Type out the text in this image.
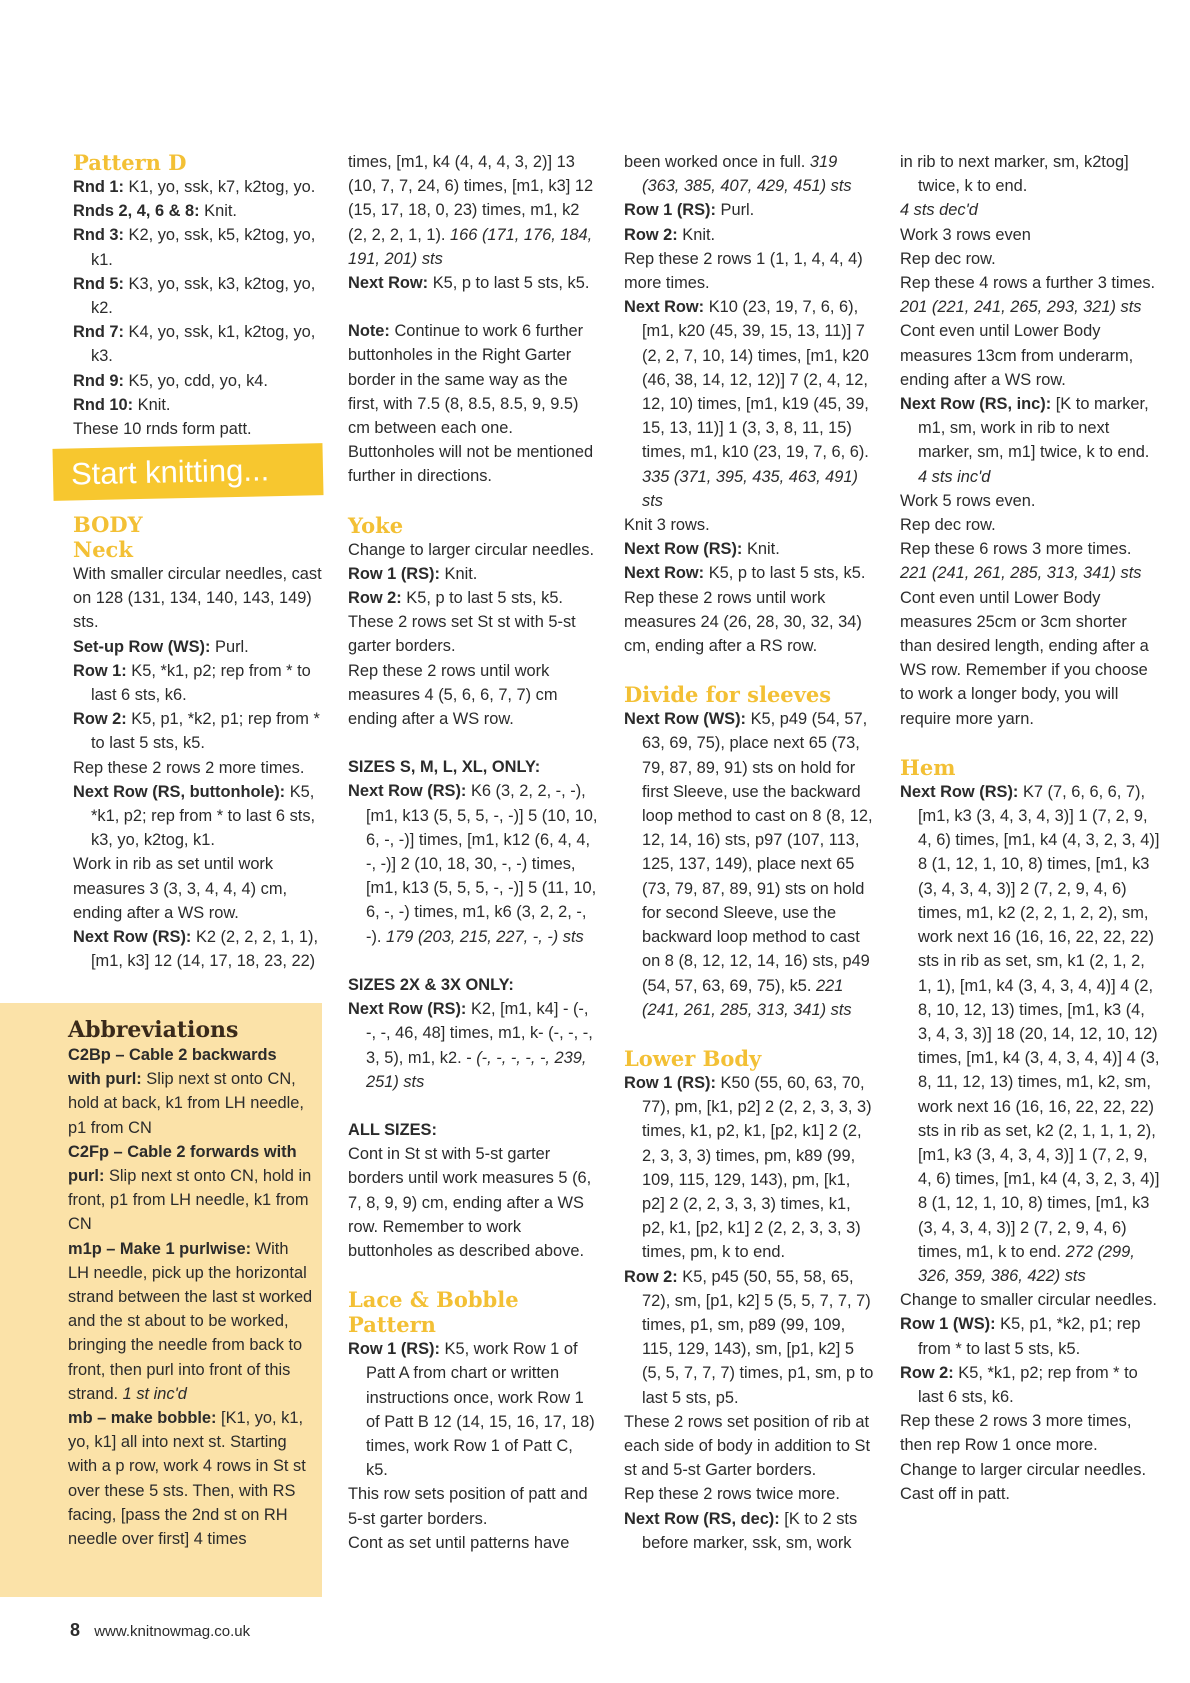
Start knitting...
Pattern D

Rnd 1: K1, yo, ssk, k7, k2tog, yo.

Rnds 2, 4, 6 & 8: Knit.

Rnd 3: K2, yo, ssk, k5, k2tog, yo, k1.

Rnd 5: K3, yo, ssk, k3, k2tog, yo, k2.

Rnd 7: K4, yo, ssk, k1, k2tog, yo, k3.

Rnd 9: K5, yo, cdd, yo, k4.

Rnd 10: Knit.

These 10 rnds form patt.

BODY
Neck

With smaller circular needles, cast on 128 (131, 134, 140, 143, 149) sts.

Set-up Row (WS): Purl.

Row 1: K5, *k1, p2; rep from * to last 6 sts, k6.

Row 2: K5, p1, *k2, p1; rep from * to last 5 sts, k5.

Rep these 2 rows 2 more times.

Next Row (RS, buttonhole): K5, *k1, p2; rep from * to last 6 sts, k3, yo, k2tog, k1.

Work in rib as set until work measures 3 (3, 3, 4, 4, 4) cm, ending after a WS row.

Next Row (RS): K2 (2, 2, 2, 1, 1), [m1, k3] 12 (14, 17, 18, 23, 22)

Abbreviations

C2Bp – Cable 2 backwards with purl: Slip next st onto CN, hold at back, k1 from LH needle, p1 from CN

C2Fp – Cable 2 forwards with purl: Slip next st onto CN, hold in front, p1 from LH needle, k1 from CN

m1p – Make 1 purlwise: With LH needle, pick up the horizontal strand between the last st worked and the st about to be worked, bringing the needle from back to front, then purl into front of this strand. 1 st inc'd

mb – make bobble: [K1, yo, k1, yo, k1] all into next st. Starting with a p row, work 4 rows in St st over these 5 sts. Then, with RS facing, [pass the 2nd st on RH needle over first] 4 times

times, [m1, k4 (4, 4, 4, 3, 2)] 13 (10, 7, 7, 24, 6) times, [m1, k3] 12 (15, 17, 18, 0, 23) times, m1, k2 (2, 2, 2, 1, 1). 166 (171, 176, 184, 191, 201) sts

Next Row: K5, p to last 5 sts, k5.

Note: Continue to work 6 further buttonholes in the Right Garter border in the same way as the first, with 7.5 (8, 8.5, 8.5, 9, 9.5) cm between each one. Buttonholes will not be mentioned further in directions.

Yoke

Change to larger circular needles.

Row 1 (RS): Knit.

Row 2: K5, p to last 5 sts, k5.

These 2 rows set St st with 5-st garter borders.

Rep these 2 rows until work measures 4 (5, 6, 6, 7, 7) cm ending after a WS row.

SIZES S, M, L, XL, ONLY:

Next Row (RS): K6 (3, 2, 2, -, -), [m1, k13 (5, 5, 5, -, -)] 5 (10, 10, 6, -, -)] times, [m1, k12 (6, 4, 4, -, -)] 2 (10, 18, 30, -, -) times, [m1, k13 (5, 5, 5, -, -)] 5 (11, 10, 6, -, -) times, m1, k6 (3, 2, 2, -, -). 179 (203, 215, 227, -, -) sts

SIZES 2X & 3X ONLY:

Next Row (RS): K2, [m1, k4] - (-, -, -, 46, 48] times, m1, k- (-, -, -, 3, 5), m1, k2. - (-, -, -, -, -, 239, 251) sts

ALL SIZES:

Cont in St st with 5-st garter borders until work measures 5 (6, 7, 8, 9, 9) cm, ending after a WS row. Remember to work buttonholes as described above.

Lace & Bobble Pattern

Row 1 (RS): K5, work Row 1 of Patt A from chart or written instructions once, work Row 1 of Patt B 12 (14, 15, 16, 17, 18) times, work Row 1 of Patt C, k5.

This row sets position of patt and 5-st garter borders.

Cont as set until patterns have

been worked once in full. 319 (363, 385, 407, 429, 451) sts

Row 1 (RS): Purl.

Row 2: Knit.

Rep these 2 rows 1 (1, 1, 4, 4, 4) more times.

Next Row: K10 (23, 19, 7, 6, 6), [m1, k20 (45, 39, 15, 13, 11)] 7 (2, 2, 7, 10, 14) times, [m1, k20 (46, 38, 14, 12, 12)] 7 (2, 4, 12, 12, 10) times, [m1, k19 (45, 39, 15, 13, 11)] 1 (3, 3, 8, 11, 15) times, m1, k10 (23, 19, 7, 6, 6). 335 (371, 395, 435, 463, 491) sts

Knit 3 rows.

Next Row (RS): Knit.

Next Row: K5, p to last 5 sts, k5.

Rep these 2 rows until work measures 24 (26, 28, 30, 32, 34) cm, ending after a RS row.

Divide for sleeves

Next Row (WS): K5, p49 (54, 57, 63, 69, 75), place next 65 (73, 79, 87, 89, 91) sts on hold for first Sleeve, use the backward loop method to cast on 8 (8, 12, 12, 14, 16) sts, p97 (107, 113, 125, 137, 149), place next 65 (73, 79, 87, 89, 91) sts on hold for second Sleeve, use the backward loop method to cast on 8 (8, 12, 12, 14, 16) sts, p49 (54, 57, 63, 69, 75), k5. 221 (241, 261, 285, 313, 341) sts

Lower Body

Row 1 (RS): K50 (55, 60, 63, 70, 77), pm, [k1, p2] 2 (2, 2, 3, 3, 3) times, k1, p2, k1, [p2, k1] 2 (2, 2, 3, 3, 3) times, pm, k89 (99, 109, 115, 129, 143), pm, [k1, p2] 2 (2, 2, 3, 3, 3) times, k1, p2, k1, [p2, k1] 2 (2, 2, 3, 3, 3) times, pm, k to end.

Row 2: K5, p45 (50, 55, 58, 65, 72), sm, [p1, k2] 5 (5, 5, 7, 7, 7) times, p1, sm, p89 (99, 109, 115, 129, 143), sm, [p1, k2] 5 (5, 5, 7, 7, 7) times, p1, sm, p to last 5 sts, p5.

These 2 rows set position of rib at each side of body in addition to St st and 5-st Garter borders.

Rep these 2 rows twice more.

Next Row (RS, dec): [K to 2 sts before marker, ssk, sm, work

in rib to next marker, sm, k2tog] twice, k to end.

4 sts dec'd

Work 3 rows even

Rep dec row.

Rep these 4 rows a further 3 times. 201 (221, 241, 265, 293, 321) sts

Cont even until Lower Body measures 13cm from underarm, ending after a WS row.

Next Row (RS, inc): [K to marker, m1, sm, work in rib to next marker, sm, m1] twice, k to end. 4 sts inc'd

Work 5 rows even.

Rep dec row.

Rep these 6 rows 3 more times.
221 (241, 261, 285, 313, 341) sts

Cont even until Lower Body measures 25cm or 3cm shorter than desired length, ending after a WS row. Remember if you choose to work a longer body, you will require more yarn.

Hem

Next Row (RS): K7 (7, 6, 6, 6, 7), [m1, k3 (3, 4, 3, 4, 3)] 1 (7, 2, 9, 4, 6) times, [m1, k4 (4, 3, 2, 3, 4)] 8 (1, 12, 1, 10, 8) times, [m1, k3 (3, 4, 3, 4, 3)] 2 (7, 2, 9, 4, 6) times, m1, k2 (2, 2, 1, 2, 2), sm, work next 16 (16, 16, 22, 22, 22) sts in rib as set, sm, k1 (2, 1, 2, 1, 1), [m1, k4 (3, 4, 3, 4, 4)] 4 (2, 8, 10, 12, 13) times, [m1, k3 (4, 3, 4, 3, 3)] 18 (20, 14, 12, 10, 12) times, [m1, k4 (3, 4, 3, 4, 4)] 4 (3, 8, 11, 12, 13) times, m1, k2, sm, work next 16 (16, 16, 22, 22, 22) sts in rib as set, k2 (2, 1, 1, 1, 2), [m1, k3 (3, 4, 3, 4, 3)] 1 (7, 2, 9, 4, 6) times, [m1, k4 (4, 3, 2, 3, 4)] 8 (1, 12, 1, 10, 8) times, [m1, k3 (3, 4, 3, 4, 3)] 2 (7, 2, 9, 4, 6) times, m1, k to end. 272 (299, 326, 359, 386, 422) sts

Change to smaller circular needles.

Row 1 (WS): K5, p1, *k2, p1; rep from * to last 5 sts, k5.

Row 2: K5, *k1, p2; rep from * to last 6 sts, k6.

Rep these 2 rows 3 more times, then rep Row 1 once more.

Change to larger circular needles.

Cast off in patt.

8 www.knitnowmag.co.uk
